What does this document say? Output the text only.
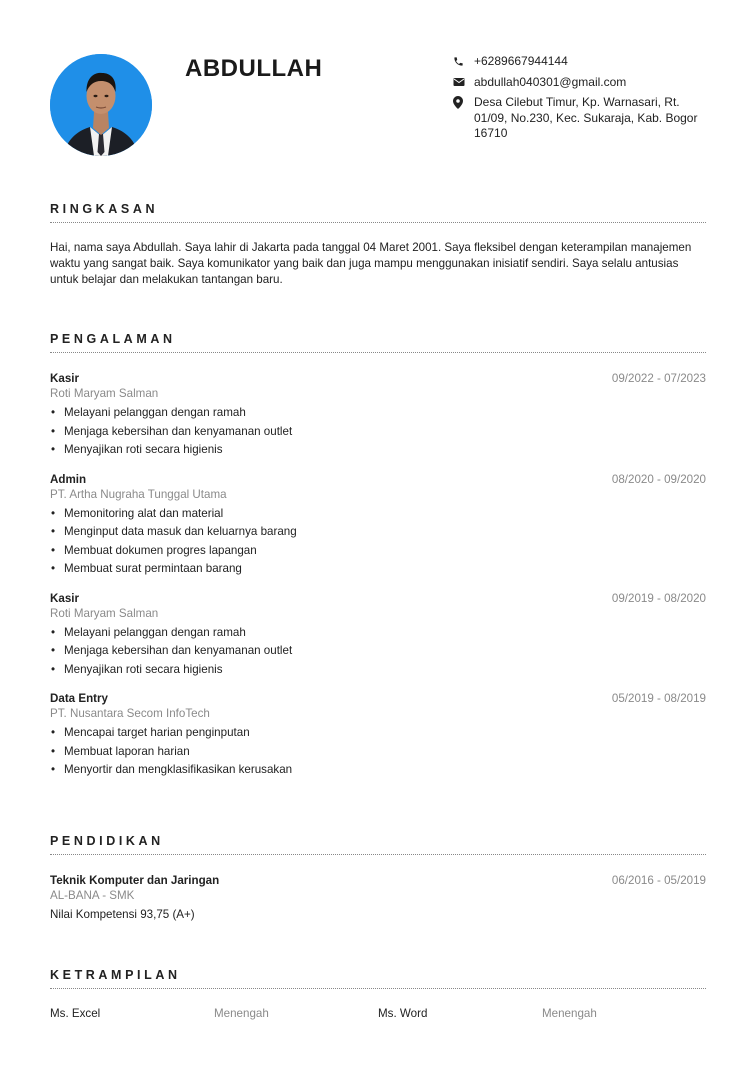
ABDULLAH	+6289667944144
abdullah040301@gmail.com
Desa Cilebut Timur, Kp. Warnasari, Rt. 01/09, No.230, Kec. Sukaraja, Kab. Bogor 16710
RINGKASAN
Hai, nama saya Abdullah. Saya lahir di Jakarta pada tanggal 04 Maret 2001. Saya fleksibel dengan keterampilan manajemen waktu yang sangat baik. Saya komunikator yang baik dan juga mampu menggunakan inisiatif sendiri. Saya selalu antusias untuk belajar dan melakukan tantangan baru.
PENGALAMAN
Kasir	09/2022 - 07/2023
Roti Maryam Salman
• Melayani pelanggan dengan ramah
• Menjaga kebersihan dan kenyamanan outlet
• Menyajikan roti secara higienis
Admin	08/2020 - 09/2020
PT. Artha Nugraha Tunggal Utama
• Memonitoring alat dan material
• Menginput data masuk dan keluarnya barang
• Membuat dokumen progres lapangan
• Membuat surat permintaan barang
Kasir	09/2019 - 08/2020
Roti Maryam Salman
• Melayani pelanggan dengan ramah
• Menjaga kebersihan dan kenyamanan outlet
• Menyajikan roti secara higienis
Data Entry	05/2019 - 08/2019
PT. Nusantara Secom InfoTech
• Mencapai target harian penginputan
• Membuat laporan harian
• Menyortir dan mengklasifikasikan kerusakan
PENDIDIKAN
Teknik Komputer dan Jaringan	06/2016 - 05/2019
AL-BANA - SMK
Nilai Kompetensi 93,75 (A+)
KETRAMPILAN
Ms. Excel	Menengah	Ms. Word	Menengah
